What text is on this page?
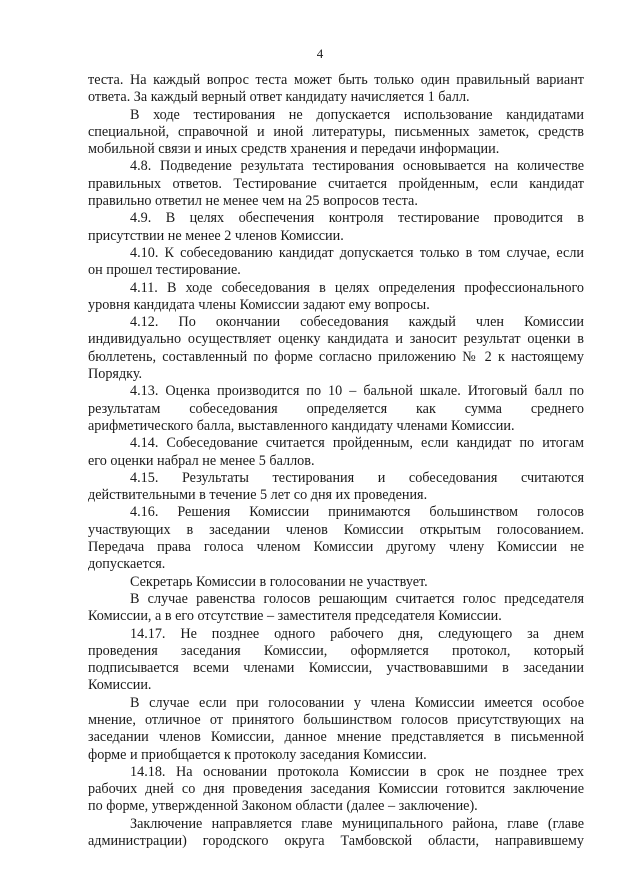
4
теста. На каждый вопрос теста может быть только один правильный вариант
ответа. За каждый верный ответ кандидату начисляется 1 балл.
В ходе тестирования не допускается использование кандидатами
специальной, справочной и иной литературы, письменных заметок, средств
мобильной связи и иных средств хранения и передачи информации.
4.8. Подведение результата тестирования основывается на количестве
правильных ответов. Тестирование считается пройденным, если кандидат
правильно ответил не менее чем на 25 вопросов теста.
4.9. В целях обеспечения контроля тестирование проводится в
присутствии не менее 2 членов Комиссии.
4.10. К собеседованию кандидат допускается только в том случае, если
он прошел тестирование.
4.11. В ходе собеседования в целях определения профессионального
уровня кандидата члены Комиссии задают ему вопросы.
4.12. По окончании собеседования каждый член Комиссии
индивидуально осуществляет оценку кандидата и заносит результат оценки в
бюллетень, составленный по форме согласно приложению № 2 к настоящему
Порядку.
4.13. Оценка производится по 10 – бальной шкале. Итоговый балл по
результатам собеседования определяется как сумма среднего
арифметического балла, выставленного кандидату членами Комиссии.
4.14. Собеседование считается пройденным, если кандидат по итогам
его оценки набрал не менее 5 баллов.
4.15. Результаты тестирования и собеседования считаются
действительными в течение 5 лет со дня их проведения.
4.16. Решения Комиссии принимаются большинством голосов
участвующих в заседании членов Комиссии открытым голосованием.
Передача права голоса членом Комиссии другому члену Комиссии не
допускается.
Секретарь Комиссии в голосовании не участвует.
В случае равенства голосов решающим считается голос председателя
Комиссии, а в его отсутствие – заместителя председателя Комиссии.
14.17. Не позднее одного рабочего дня, следующего за днем
проведения заседания Комиссии, оформляется протокол, который
подписывается всеми членами Комиссии, участвовавшими в заседании
Комиссии.
В случае если при голосовании у члена Комиссии имеется особое
мнение, отличное от принятого большинством голосов присутствующих на
заседании членов Комиссии, данное мнение представляется в письменной
форме и приобщается к протоколу заседания Комиссии.
14.18. На основании протокола Комиссии в срок не позднее трех
рабочих дней со дня проведения заседания Комиссии готовится заключение
по форме, утвержденной Законом области (далее – заключение).
Заключение направляется главе муниципального района, главе (главе
администрации) городского округа Тамбовской области, направившему
